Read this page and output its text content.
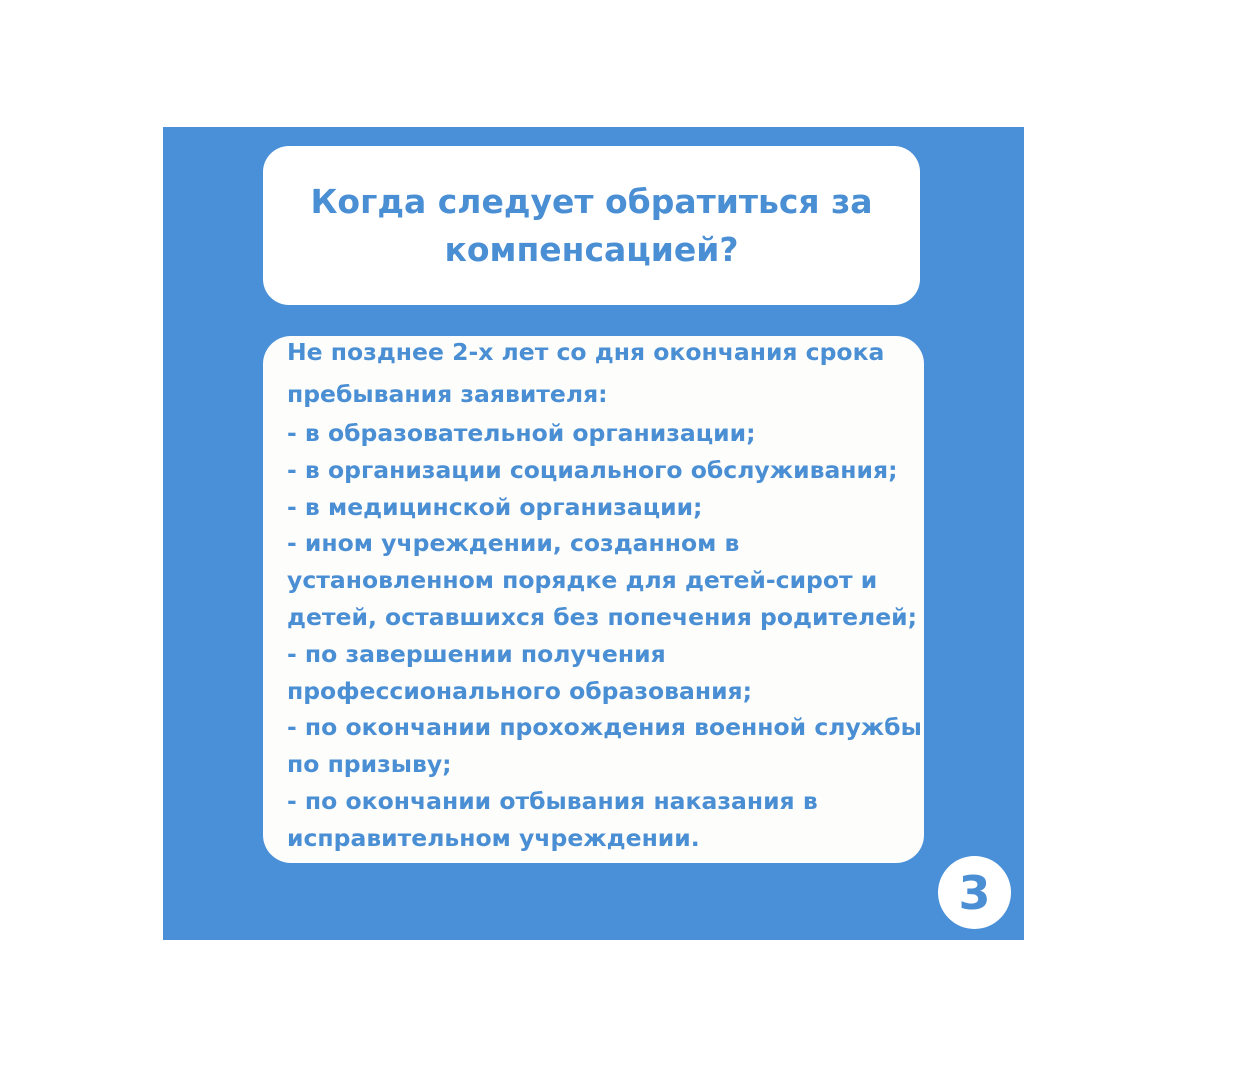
Когда следует обратиться за
компенсацией?
Не позднее 2-х лет со дня окончания срока
пребывания заявителя:
- в образовательной организации;
- в организации социального обслуживания;
- в медицинской организации;
- ином учреждении, созданном в
установленном порядке для детей-сирот и
детей, оставшихся без попечения родителей;
- по завершении получения
профессионального образования;
- по окончании прохождения военной службы
по призыву;
- по окончании отбывания наказания в
исправительном учреждении.
3
